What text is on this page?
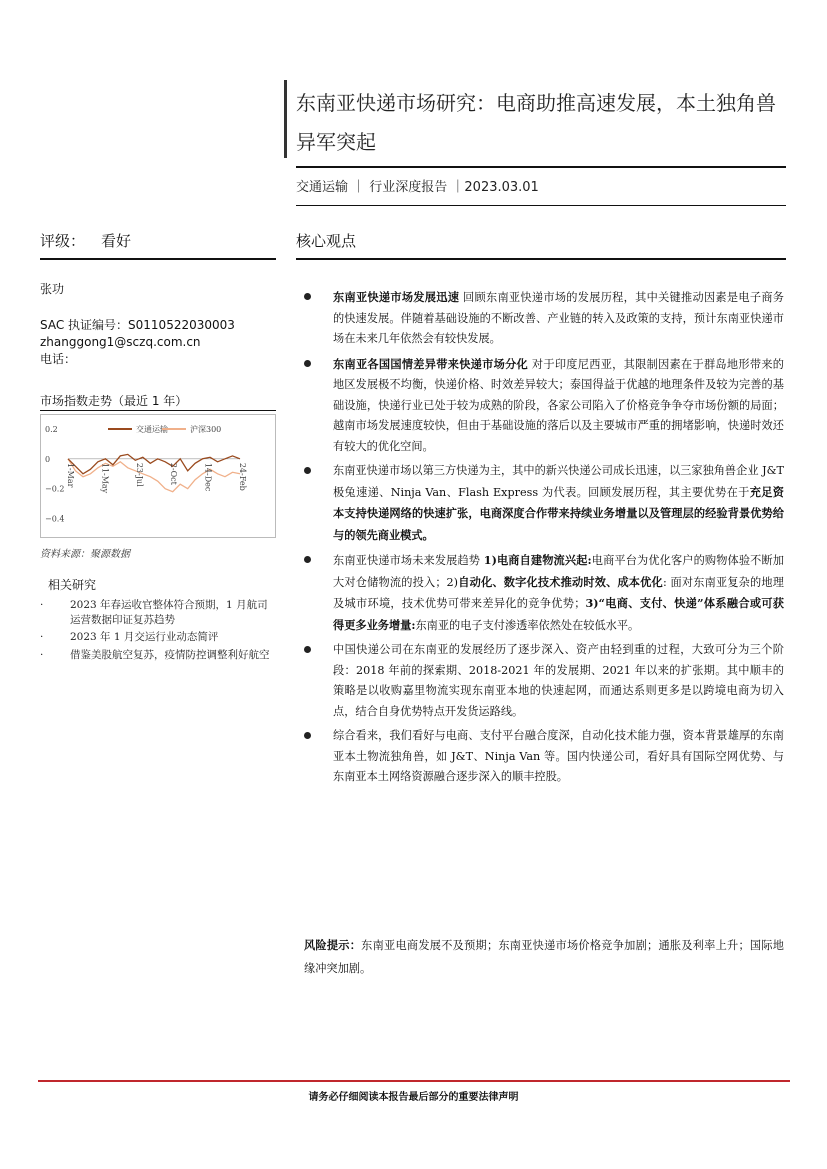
东南亚快递市场研究：电商助推高速发展，本土独角兽异军突起
交通运输 ｜ 行业深度报告 ｜2023.03.01
评级： 看好	核心观点
张功
SAC 执证编号：S0110522030003
zhanggong1@sczq.com.cn
电话：
市场指数走势（最近 1 年）
交通运输	沪深300
0.2
0
−0.2
−0.4
1-Mar	11-May	23-Jul	2-Oct	14-Dec	24-Feb
资料来源：聚源数据
相关研究
·	2023 年春运收官整体符合预期，1 月航司运营数据印证复苏趋势
·	2023 年 1 月交运行业动态简评
·	借鉴美股航空复苏，疫情防控调整利好航空
东南亚快递市场发展迅速 回顾东南亚快递市场的发展历程，其中关键推动因素是电子商务的快速发展。伴随着基础设施的不断改善、产业链的转入及政策的支持，预计东南亚快递市场在未来几年依然会有较快发展。
东南亚各国国情差异带来快递市场分化 对于印度尼西亚，其限制因素在于群岛地形带来的地区发展极不均衡，快递价格、时效差异较大；泰国得益于优越的地理条件及较为完善的基础设施，快递行业已处于较为成熟的阶段，各家公司陷入了价格竞争争夺市场份额的局面；越南市场发展速度较快，但由于基础设施的落后以及主要城市严重的拥堵影响，快递时效还有较大的优化空间。
东南亚快递市场以第三方快递为主，其中的新兴快递公司成长迅速，以三家独角兽企业 J&T 极兔速递、Ninja Van、Flash Express 为代表。回顾发展历程，其主要优势在于充足资本支持快递网络的快速扩张，电商深度合作带来持续业务增量以及管理层的经验背景优势给与的领先商业模式。
东南亚快递市场未来发展趋势 1)电商自建物流兴起:电商平台为优化客户的购物体验不断加大对仓储物流的投入；2)自动化、数字化技术推动时效、成本优化: 面对东南亚复杂的地理及城市环境，技术优势可带来差异化的竞争优势；3)“电商、支付、快递”体系融合或可获得更多业务增量:东南亚的电子支付渗透率依然处在较低水平。
中国快递公司在东南亚的发展经历了逐步深入、资产由轻到重的过程，大致可分为三个阶段：2018 年前的探索期、2018-2021 年的发展期、2021 年以来的扩张期。其中顺丰的策略是以收购嘉里物流实现东南亚本地的快速起网，而通达系则更多是以跨境电商为切入点，结合自身优势特点开发货运路线。
综合看来，我们看好与电商、支付平台融合度深，自动化技术能力强，资本背景雄厚的东南亚本土物流独角兽，如 J&T、Ninja Van 等。国内快递公司，看好具有国际空网优势、与东南亚本土网络资源融合逐步深入的顺丰控股。
风险提示：东南亚电商发展不及预期；东南亚快递市场价格竞争加剧；通胀及利率上升；国际地缘冲突加剧。
请务必仔细阅读本报告最后部分的重要法律声明
